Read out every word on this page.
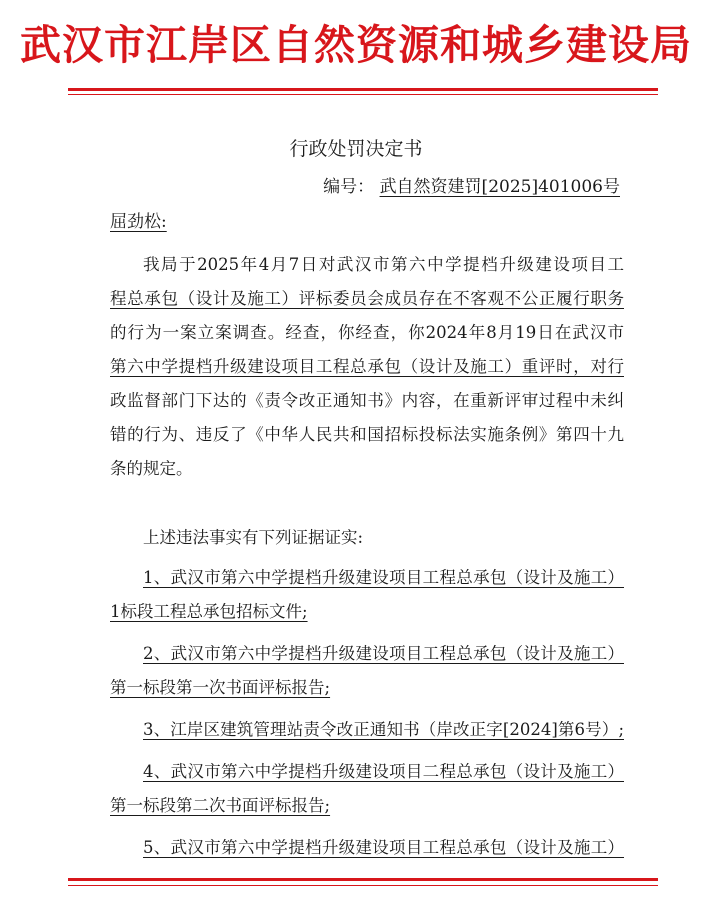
武汉市江岸区自然资源和城乡建设局
行政处罚决定书
编号： 武自然资建罚[2025]401006号
屈劲松:
我局于2025年4月7日对武汉市第六中学提档升级建设项目工
程总承包（设计及施工）评标委员会成员存在不客观不公正履行职务
的行为一案立案调查。经查，你经查，你2024年8月19日在武汉市
第六中学提档升级建设项目工程总承包（设计及施工）重评时，对行
政监督部门下达的《责令改正通知书》内容，在重新评审过程中未纠
错的行为、违反了《中华人民共和国招标投标法实施条例》第四十九
条的规定。
上述违法事实有下列证据证实:
1、武汉市第六中学提档升级建设项目工程总承包（设计及施工）
1标段工程总承包招标文件;
2、武汉市第六中学提档升级建设项目工程总承包（设计及施工）
第一标段第一次书面评标报告;
3、江岸区建筑管理站责令改正通知书（岸改正字[2024]第6号）;
4、武汉市第六中学提档升级建设项目二程总承包（设计及施工）
第一标段第二次书面评标报告;
5、武汉市第六中学提档升级建设项目工程总承包（设计及施工）
